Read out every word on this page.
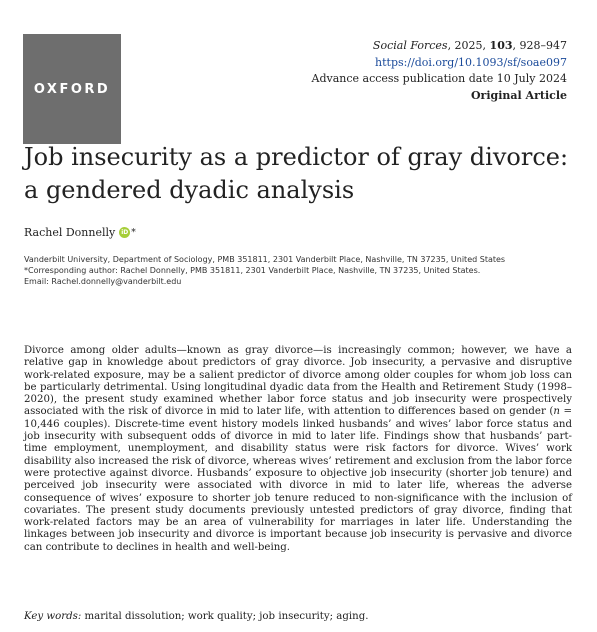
OXFORD
Social Forces, 2025, 103, 928–947
https://doi.org/10.1093/sf/soae097
Advance access publication date 10 July 2024
Original Article
Job insecurity as a predictor of gray divorce: a gendered dyadic analysis
Rachel Donnelly iD *

Vanderbilt University, Department of Sociology, PMB 351811, 2301 Vanderbilt Place, Nashville, TN 37235, United States

*Corresponding author: Rachel Donnelly, PMB 351811, 2301 Vanderbilt Place, Nashville, TN 37235, United States.

Email: Rachel.donnelly@vanderbilt.edu

Divorce among older adults—known as gray divorce—is increasingly common; however, we have a relative gap in knowledge about predictors of gray divorce. Job insecurity, a pervasive and disruptive work-related exposure, may be a salient predictor of divorce among older couples for whom job loss can be particularly detrimental. Using longitudinal dyadic data from the Health and Retirement Study (1998–2020), the present study examined whether labor force status and job insecurity were prospectively associated with the risk of divorce in mid to later life, with attention to differences based on gender (n = 10,446 couples). Discrete-time event history models linked husbands’ and wives’ labor force status and job insecurity with subsequent odds of divorce in mid to later life. Findings show that husbands’ part-time employment, unemployment, and disability status were risk factors for divorce. Wives’ work disability also increased the risk of divorce, whereas wives’ retirement and exclusion from the labor force were protective against divorce. Husbands’ exposure to objective job insecurity (shorter job tenure) and perceived job insecurity were associated with divorce in mid to later life, whereas the adverse consequence of wives’ exposure to shorter job tenure reduced to non-significance with the inclusion of covariates. The present study documents previously untested predictors of gray divorce, finding that work-related factors may be an area of vulnerability for marriages in later life. Understanding the linkages between job insecurity and divorce is important because job insecurity is pervasive and divorce can contribute to declines in health and well-being.

Key words: marital dissolution; work quality; job insecurity; aging.
